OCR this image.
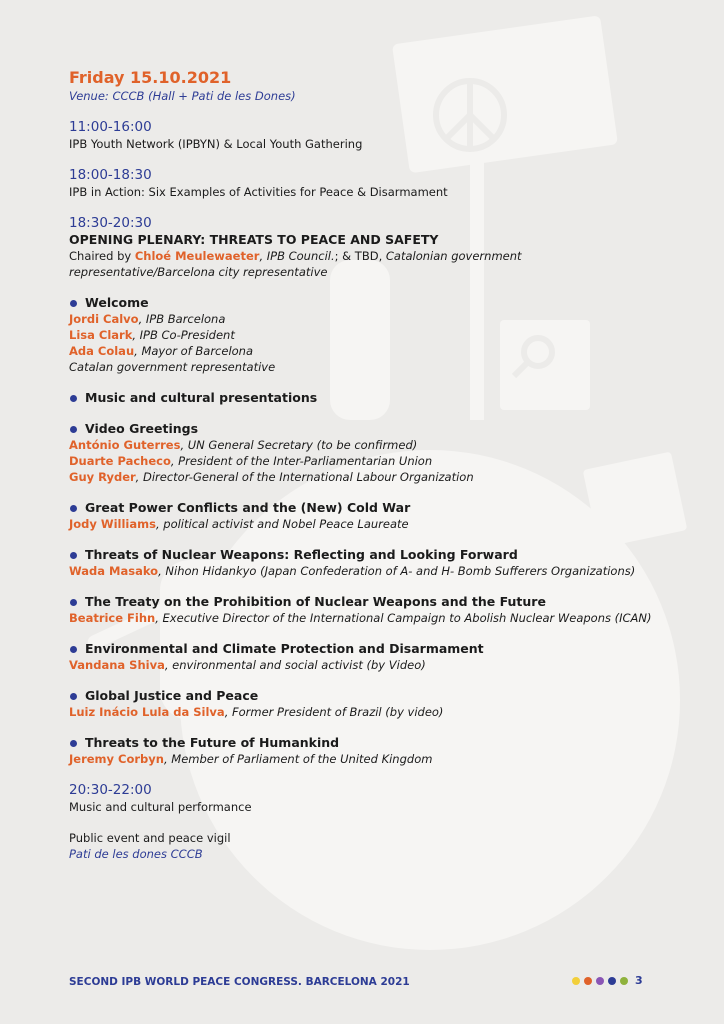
Friday 15.10.2021
Venue: CCCB (Hall + Pati de les Dones)
11:00-16:00
IPB Youth Network (IPBYN) & Local Youth Gathering
18:00-18:30
IPB in Action: Six Examples of Activities for Peace & Disarmament
18:30-20:30
OPENING PLENARY: THREATS TO PEACE AND SAFETY
Chaired by Chloé Meulewaeter, IPB Council.; & TBD, Catalonian government representative/Barcelona city representative
Welcome
Jordi Calvo, IPB Barcelona
Lisa Clark, IPB Co-President
Ada Colau, Mayor of Barcelona
Catalan government representative
Music and cultural presentations
Video Greetings
António Guterres, UN General Secretary (to be confirmed)
Duarte Pacheco, President of the Inter-Parliamentarian Union
Guy Ryder, Director-General of the International Labour Organization
Great Power Conflicts and the (New) Cold War
Jody Williams, political activist and Nobel Peace Laureate
Threats of Nuclear Weapons: Reflecting and Looking Forward
Wada Masako, Nihon Hidankyo (Japan Confederation of A- and H- Bomb Sufferers Organizations)
The Treaty on the Prohibition of Nuclear Weapons and the Future
Beatrice Fihn, Executive Director of the International Campaign to Abolish Nuclear Weapons (ICAN)
Environmental and Climate Protection and Disarmament
Vandana Shiva, environmental and social activist (by Video)
Global Justice and Peace
Luiz Inácio Lula da Silva, Former President of Brazil (by video)
Threats to the Future of Humankind
Jeremy Corbyn, Member of Parliament of the United Kingdom
20:30-22:00
Music and cultural performance
Public event and peace vigil
Pati de les dones CCCB
SECOND IPB WORLD PEACE CONGRESS. BARCELONA 2021	3
